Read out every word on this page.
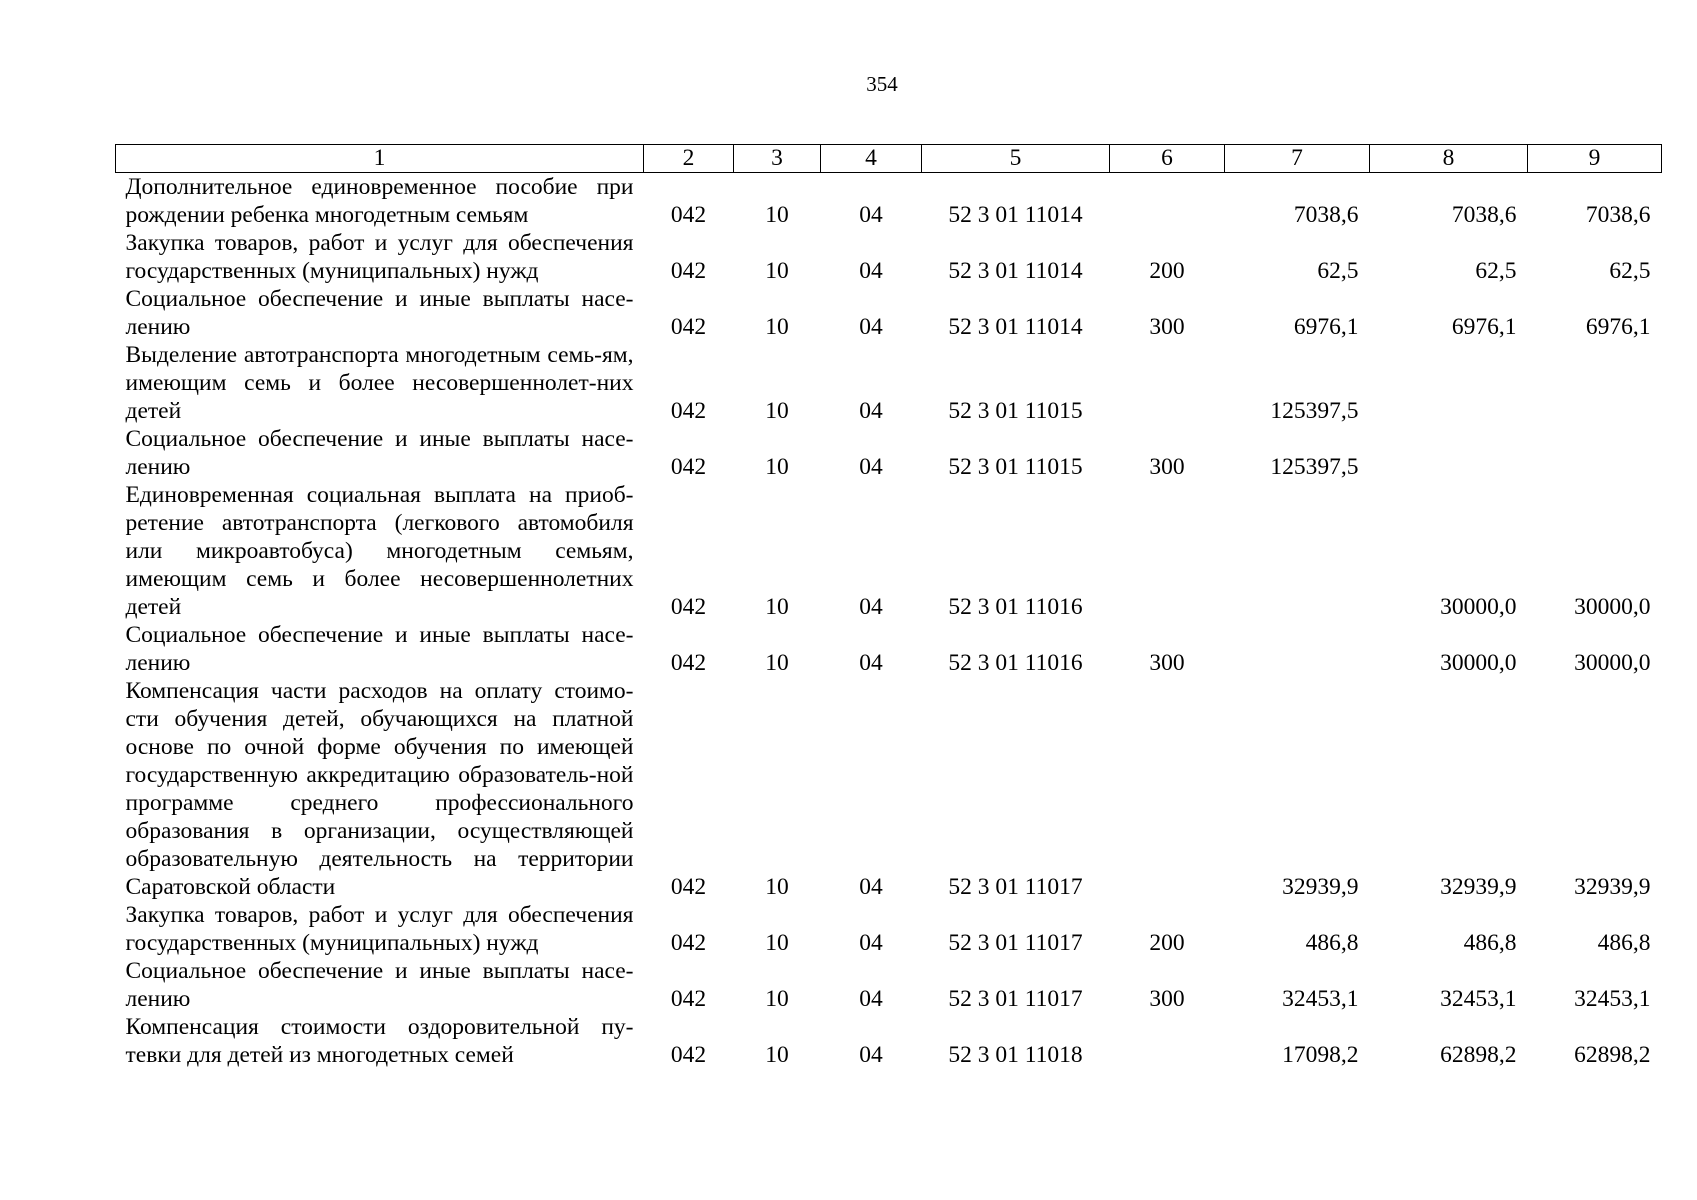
354
1	2	3	4	5	6	7	8	9
Дополнительное единовременное пособие при рождении ребенка многодетным семьям	042	10	04	52 3 01 11014		7038,6	7038,6	7038,6
Закупка товаров, работ и услуг для обеспечения государственных (муниципальных) нужд	042	10	04	52 3 01 11014	200	62,5	62,5	62,5
Социальное обеспечение и иные выплаты насе-лению	042	10	04	52 3 01 11014	300	6976,1	6976,1	6976,1
Выделение автотранспорта многодетным семь-ям, имеющим семь и более несовершеннолет-них детей	042	10	04	52 3 01 11015		125397,5		
Социальное обеспечение и иные выплаты насе-лению	042	10	04	52 3 01 11015	300	125397,5		
Единовременная социальная выплата на приоб-ретение автотранспорта (легкового автомобиля или микроавтобуса) многодетным семьям, имеющим семь и более несовершеннолетних детей	042	10	04	52 3 01 11016			30000,0	30000,0
Социальное обеспечение и иные выплаты насе-лению	042	10	04	52 3 01 11016	300		30000,0	30000,0
Компенсация части расходов на оплату стоимо-сти обучения детей, обучающихся на платной основе по очной форме обучения по имеющей государственную аккредитацию образователь-ной программе среднего профессионального образования в организации, осуществляющей образовательную деятельность на территории Саратовской области	042	10	04	52 3 01 11017		32939,9	32939,9	32939,9
Закупка товаров, работ и услуг для обеспечения государственных (муниципальных) нужд	042	10	04	52 3 01 11017	200	486,8	486,8	486,8
Социальное обеспечение и иные выплаты насе-лению	042	10	04	52 3 01 11017	300	32453,1	32453,1	32453,1
Компенсация стоимости оздоровительной пу-тевки для детей из многодетных семей	042	10	04	52 3 01 11018		17098,2	62898,2	62898,2
